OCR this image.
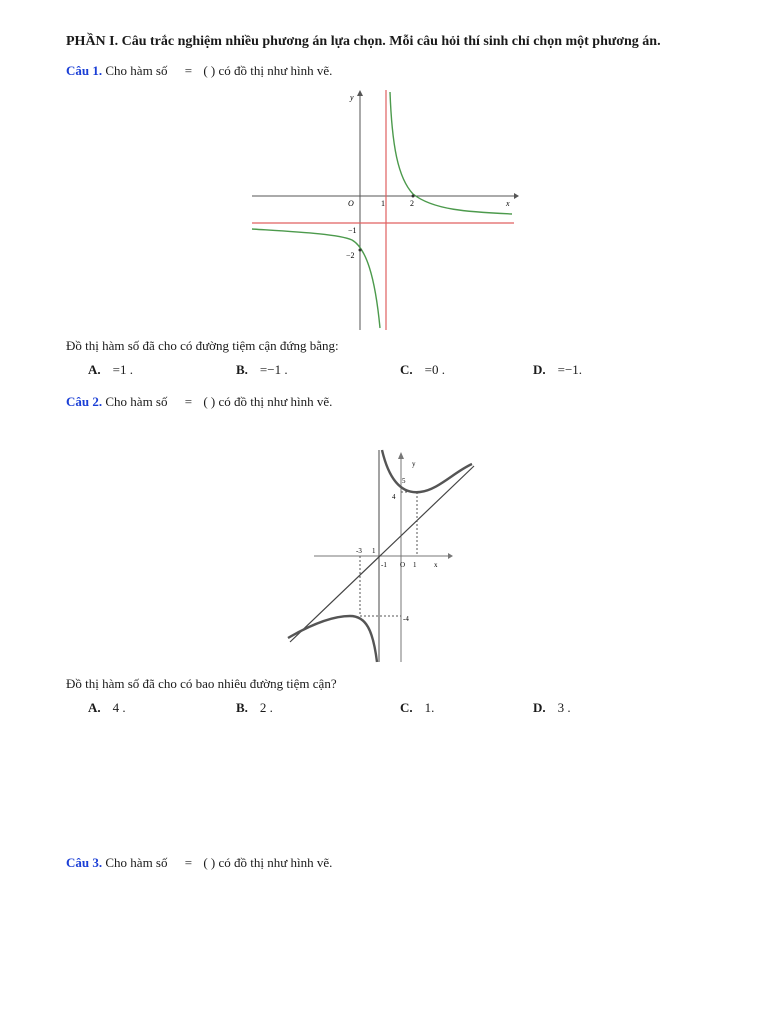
PHẦN I. Câu trắc nghiệm nhiều phương án lựa chọn. Mỗi câu hỏi thí sinh chỉ chọn một phương án.
Câu 1. Cho hàm số = ( ) có đồ thị như hình vẽ.
y
x
O	1	2
−1
−2
Đồ thị hàm số đã cho có đường tiệm cận đứng bằng:
A. =1 .	B. =−1 .	C. =0 .	D. =−1.
Câu 2. Cho hàm số = ( ) có đồ thị như hình vẽ.
y
x
5
4
-3 1
-1 O 1
-4
Đồ thị hàm số đã cho có bao nhiêu đường tiệm cận?
A. 4 .	B. 2 .	C. 1.	D. 3 .
Câu 3. Cho hàm số = ( ) có đồ thị như hình vẽ.
